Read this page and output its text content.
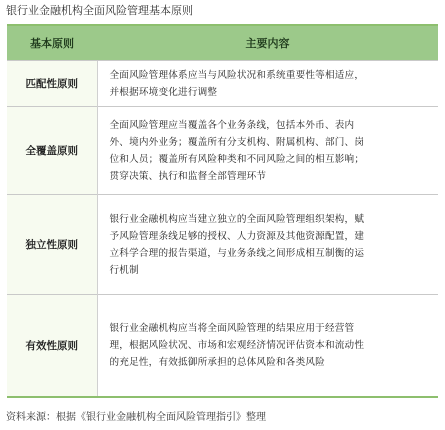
银行业金融机构全面风险管理基本原则
基本原则	主要内容
匹配性原则	全面风险管理体系应当与风险状况和系统重要性等相适应，
并根据环境变化进行调整

全覆盖原则	全面风险管理应当覆盖各个业务条线，包括本外币、表内
外、境内外业务；覆盖所有分支机构、附属机构、部门、岗
位和人员；覆盖所有风险种类和不同风险之间的相互影响；
贯穿决策、执行和监督全部管理环节

独立性原则	银行业金融机构应当建立独立的全面风险管理组织架构，赋
予风险管理条线足够的授权、人力资源及其他资源配置，建
立科学合理的报告渠道，与业务条线之间形成相互制衡的运
行机制

有效性原则	银行业金融机构应当将全面风险管理的结果应用于经营管
理，根据风险状况、市场和宏观经济情况评估资本和流动性
的充足性，有效抵御所承担的总体风险和各类风险
资料来源：根据《银行业金融机构全面风险管理指引》整理
